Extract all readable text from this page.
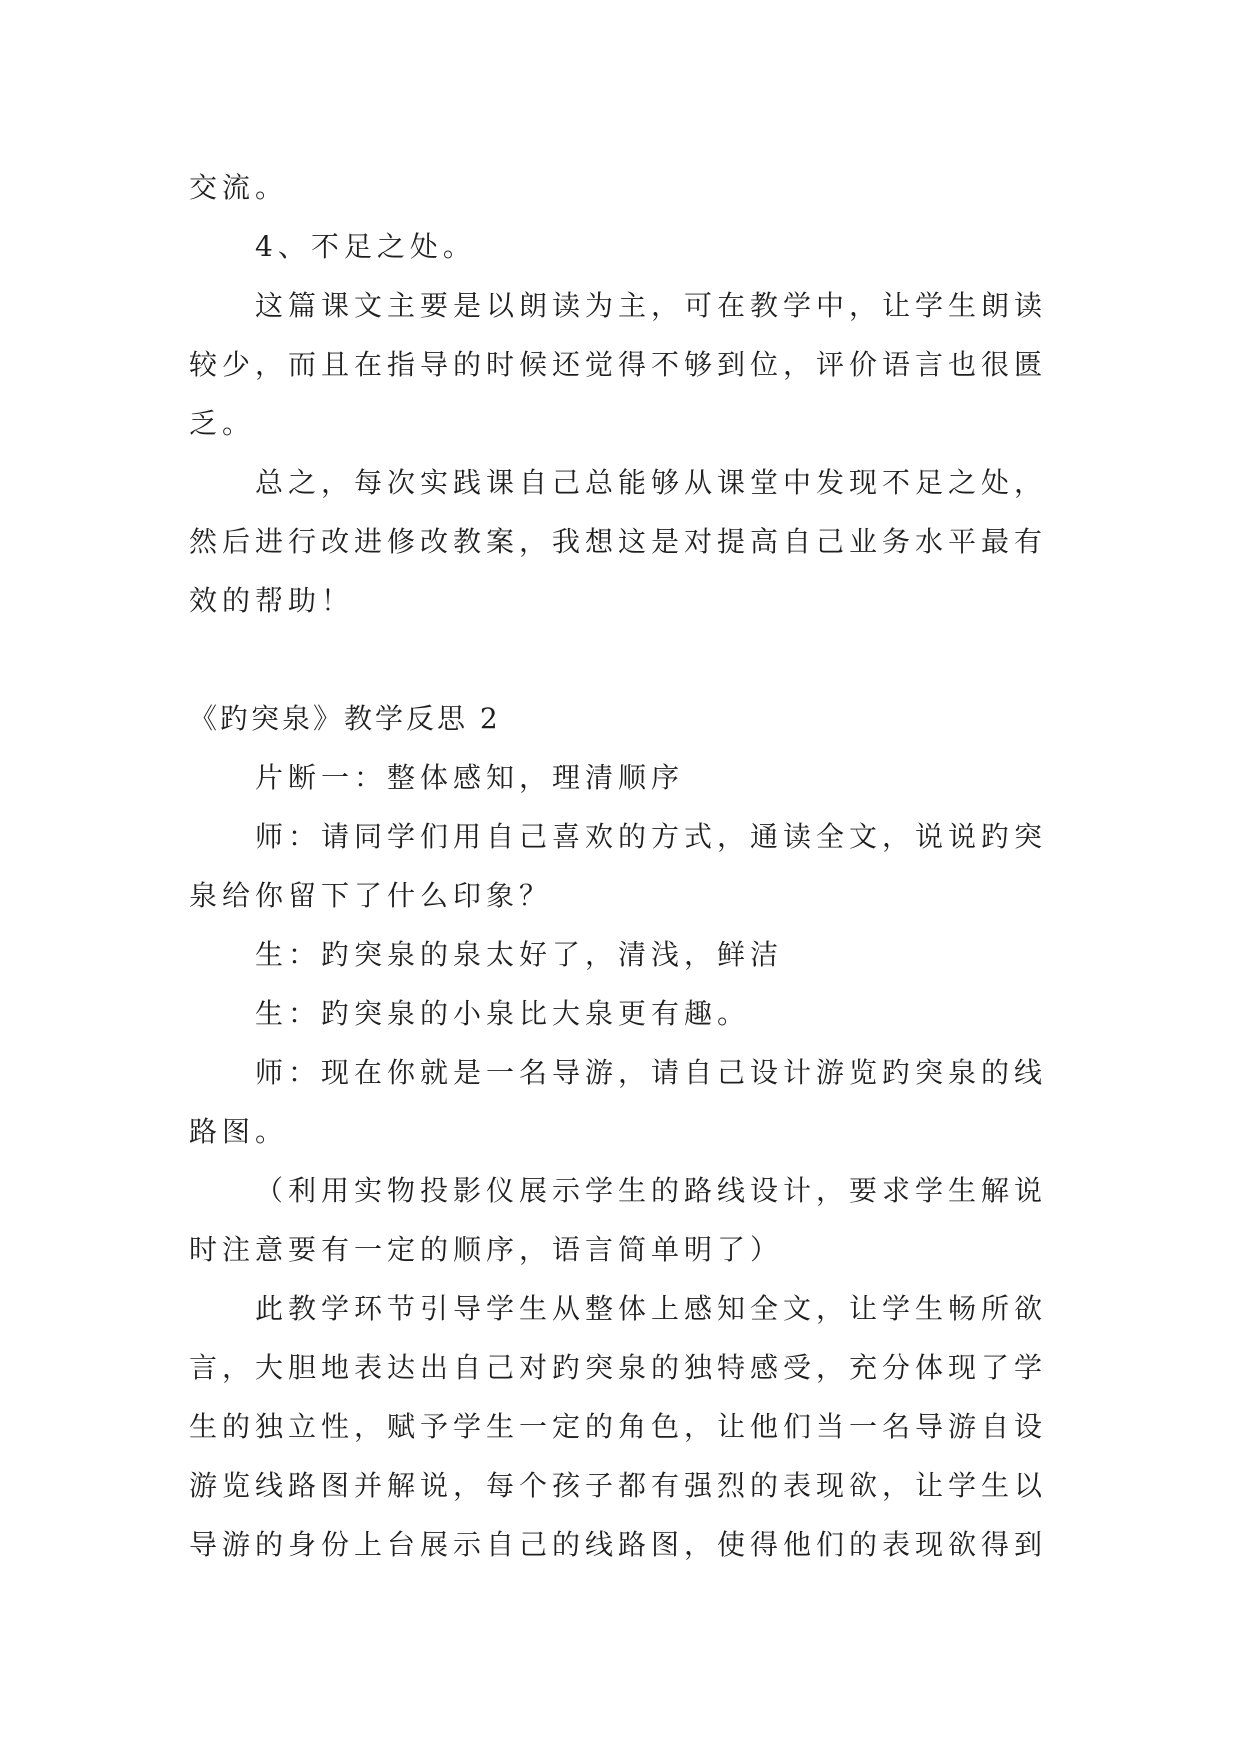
交流。

4、不足之处。

这篇课文主要是以朗读为主，可在教学中，让学生朗读较少，而且在指导的时候还觉得不够到位，评价语言也很匮乏。

总之，每次实践课自己总能够从课堂中发现不足之处，然后进行改进修改教案，我想这是对提高自己业务水平最有效的帮助！

《趵突泉》教学反思 2

片断一：整体感知，理清顺序

师：请同学们用自己喜欢的方式，通读全文，说说趵突泉给你留下了什么印象？

生：趵突泉的泉太好了，清浅，鲜洁

生：趵突泉的小泉比大泉更有趣。

师：现在你就是一名导游，请自己设计游览趵突泉的线路图。

（利用实物投影仪展示学生的路线设计，要求学生解说时注意要有一定的顺序，语言简单明了）

此教学环节引导学生从整体上感知全文，让学生畅所欲言，大胆地表达出自己对趵突泉的独特感受，充分体现了学生的独立性，赋予学生一定的角色，让他们当一名导游自设游览线路图并解说，每个孩子都有强烈的表现欲，让学生以导游的身份上台展示自己的线路图，使得他们的表现欲得到
